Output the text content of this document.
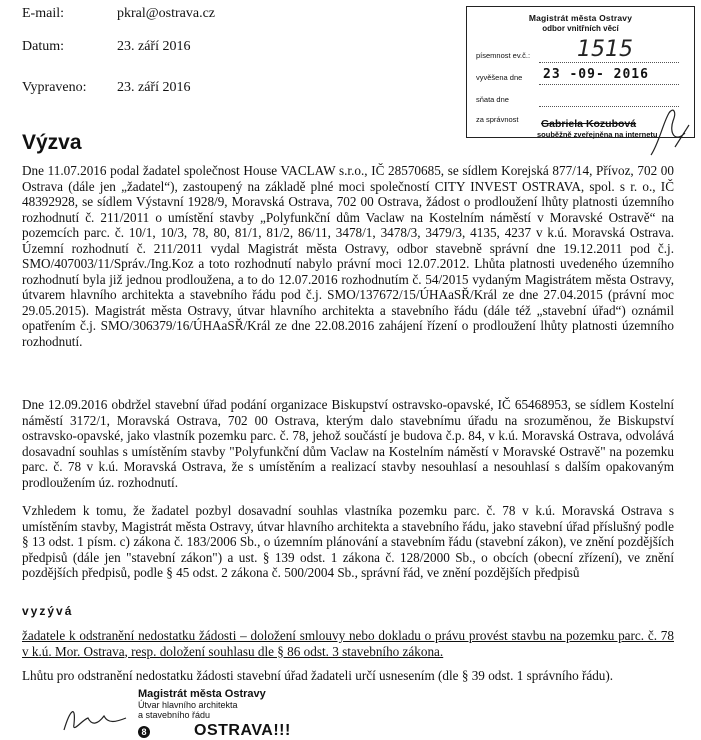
E-mail:	pkral@ostrava.cz
Datum:	23. září 2016
Vypraveno: 23. září 2016
Magistrát města Ostravy
odbor vnitřních věcí
písemnost ev.č.: 1515
vyvěšena dne 23 -09- 2016
sňata dne
za správnost Gabriela Kozubová
souběžně zveřejněna na internetu
Výzva

Dne 11.07.2016 podal žadatel společnost House VACLAW s.r.o., IČ 28570685, se sídlem Korejská 877/14, Přívoz, 702 00 Ostrava (dále jen „žadatel“), zastoupený na základě plné moci společností CITY INVEST OSTRAVA, spol. s r. o., IČ 48392928, se sídlem Výstavní 1928/9, Moravská Ostrava, 702 00 Ostrava, žádost o prodloužení lhůty platnosti územního rozhodnutí č. 211/2011 o umístění stavby „Polyfunkční dům Vaclaw na Kostelním náměstí v Moravské Ostravě“ na pozemcích parc. č. 10/1, 10/3, 78, 80, 81/1, 81/2, 86/11, 3478/1, 3478/3, 3479/3, 4135, 4237 v k.ú. Moravská Ostrava. Územní rozhodnutí č. 211/2011 vydal Magistrát města Ostravy, odbor stavebně správní dne 19.12.2011 pod č.j. SMO/407003/11/Správ./Ing.Koz a toto rozhodnutí nabylo právní moci 12.07.2012. Lhůta platnosti uvedeného územního rozhodnutí byla již jednou prodloužena, a to do 12.07.2016 rozhodnutím č. 54/2015 vydaným Magistrátem města Ostravy, útvarem hlavního architekta a stavebního řádu pod č.j. SMO/137672/15/ÚHAaSŘ/Král ze dne 27.04.2015 (právní moc 29.05.2015). Magistrát města Ostravy, útvar hlavního architekta a stavebního řádu (dále též „stavební úřad“) oznámil opatřením č.j. SMO/306379/16/ÚHAaSŘ/Král ze dne 22.08.2016 zahájení řízení o prodloužení lhůty platnosti územního rozhodnutí.

Dne 12.09.2016 obdržel stavební úřad podání organizace Biskupství ostravsko-opavské, IČ 65468953, se sídlem Kostelní náměstí 3172/1, Moravská Ostrava, 702 00 Ostrava, kterým dalo stavebnímu úřadu na srozuměnou, že Biskupství ostravsko-opavské, jako vlastník pozemku parc. č. 78, jehož součástí je budova č.p. 84, v k.ú. Moravská Ostrava, odvolává dosavadní souhlas s umístěním stavby "Polyfunkční dům Vaclaw na Kostelním náměstí v Moravské Ostravě" na pozemku parc. č. 78 v k.ú. Moravská Ostrava, že s umístěním a realizací stavby nesouhlasí a nesouhlasí s dalším opakovaným prodloužením úz. rozhodnutí.

Vzhledem k tomu, že žadatel pozbyl dosavadní souhlas vlastníka pozemku parc. č. 78 v k.ú. Moravská Ostrava s umístěním stavby, Magistrát města Ostravy, útvar hlavního architekta a stavebního řádu, jako stavební úřad příslušný podle § 13 odst. 1 písm. c) zákona č. 183/2006 Sb., o územním plánování a stavebním řádu (stavební zákon), ve znění pozdějších předpisů (dále jen "stavební zákon") a ust. § 139 odst. 1 zákona č. 128/2000 Sb., o obcích (obecní zřízení), ve znění pozdějších předpisů, podle § 45 odst. 2 zákona č. 500/2004 Sb., správní řád, ve znění pozdějších předpisů

vyzývá

žadatele k odstranění nedostatku žádosti – doložení smlouvy nebo dokladu o právu provést stavbu na pozemku parc. č. 78 v k.ú. Mor. Ostrava, resp. doložení souhlasu dle § 86 odst. 3 stavebního zákona.

Lhůtu pro odstranění nedostatku žádosti stavební úřad žadateli určí usnesením (dle § 39 odst. 1 správního řádu).

Magistrát města Ostravy
Útvar hlavního architekta
a stavebního řádu
8	OSTRAVA!!!
